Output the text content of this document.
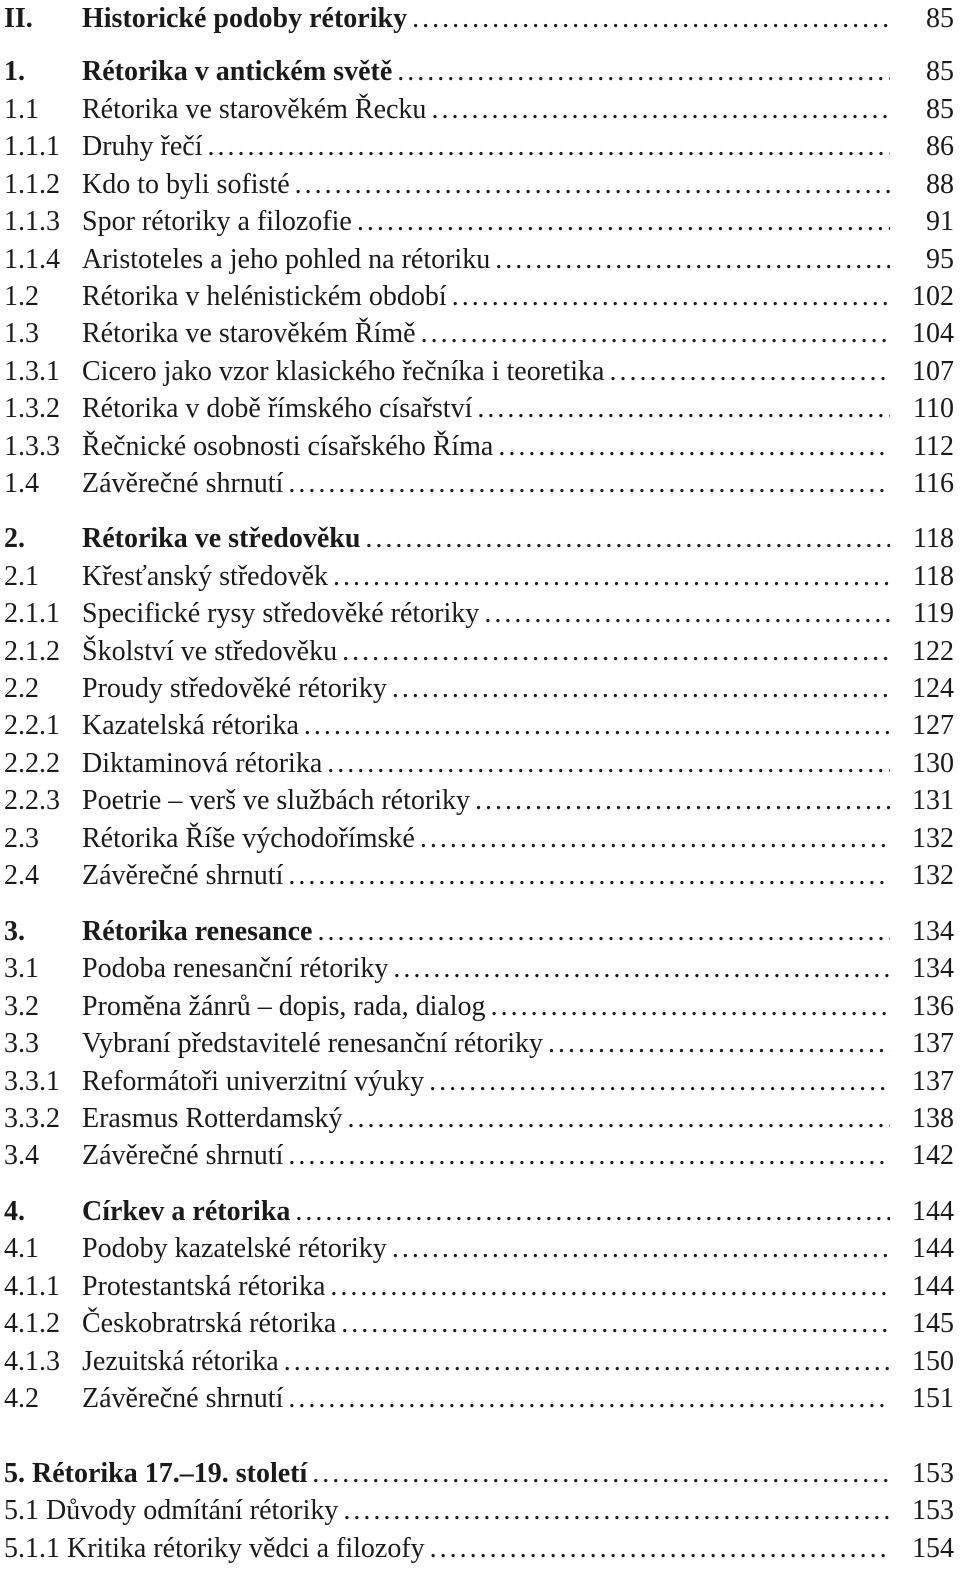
II. Historické podoby rétoriky . . .	85
1. Rétorika v antickém světě . . .	85
1.1 Rétorika ve starověkém Řecku . . .	85
1.1.1 Druhy řečí . . .	86
1.1.2 Kdo to byli sofisté . . .	88
1.1.3 Spor rétoriky a filozofie . . .	91
1.1.4 Aristoteles a jeho pohled na rétoriku . . .	95
1.2 Rétorika v helénistickém období . . .	102
1.3 Rétorika ve starověkém Římě . . .	104
1.3.1 Cicero jako vzor klasického řečníka i teoretika . . .	107
1.3.2 Rétorika v době římského císařství . . .	110
1.3.3 Řečnické osobnosti císařského Říma . . .	112
1.4 Závěrečné shrnutí . . .	116
2. Rétorika ve středověku . . .	118
2.1 Křesťanský středověk . . .	118
2.1.1 Specifické rysy středověké rétoriky . . .	119
2.1.2 Školství ve středověku . . .	122
2.2 Proudy středověké rétoriky . . .	124
2.2.1 Kazatelská rétorika . . .	127
2.2.2 Diktaminová rétorika . . .	130
2.2.3 Poetrie – verš ve službách rétoriky . . .	131
2.3 Rétorika Říše východořímské . . .	132
2.4 Závěrečné shrnutí . . .	132
3. Rétorika renesance . . .	134
3.1 Podoba renesanční rétoriky . . .	134
3.2 Proměna žánrů – dopis, rada, dialog . . .	136
3.3 Vybraní představitelé renesanční rétoriky . . .	137
3.3.1 Reformátoři univerzitní výuky . . .	137
3.3.2 Erasmus Rotterdamský . . .	138
3.4 Závěrečné shrnutí . . .	142
4. Církev a rétorika . . .	144
4.1 Podoby kazatelské rétoriky . . .	144
4.1.1 Protestantská rétorika . . .	144
4.1.2 Českobratrská rétorika . . .	145
4.1.3 Jezuitská rétorika . . .	150
4.2 Závěrečné shrnutí . . .	151
5. Rétorika 17.–19. století . . .	153
5.1 Důvody odmítání rétoriky . . .	153
5.1.1 Kritika rétoriky vědci a filozofy . . .	154
